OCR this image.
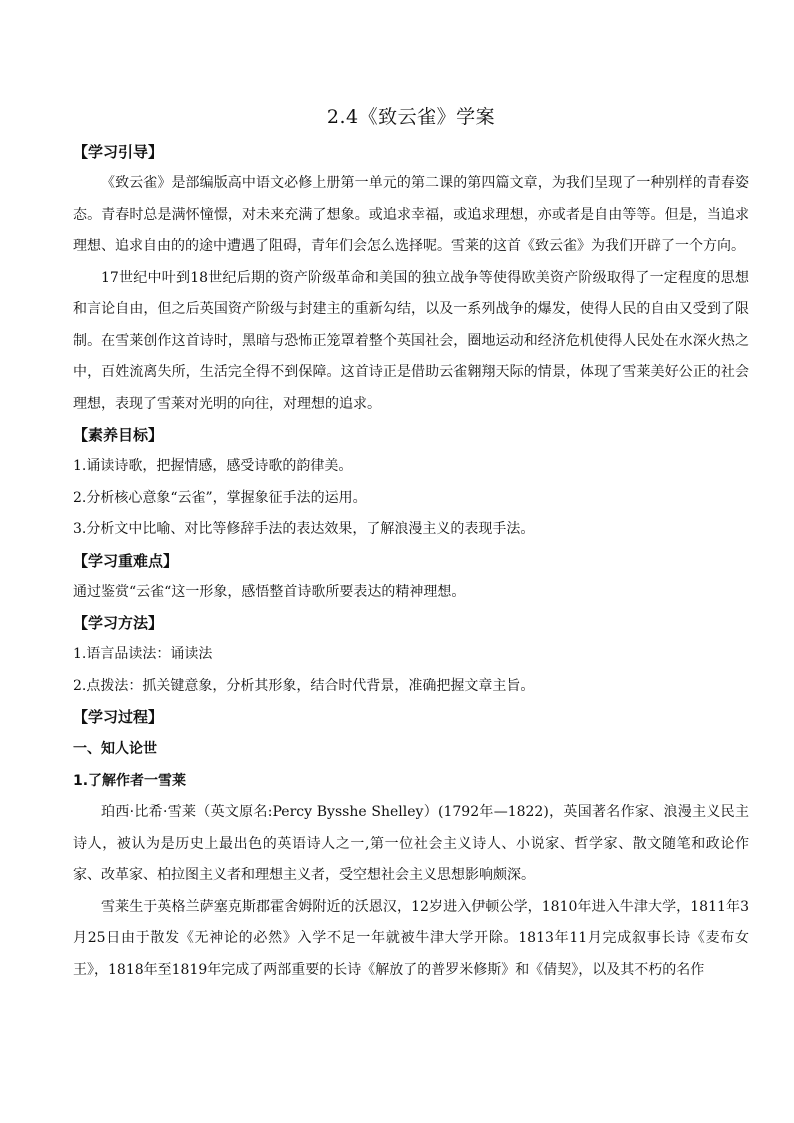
2.4《致云雀》学案

【学习引导】

《致云雀》是部编版高中语文必修上册第一单元的第二课的第四篇文章，为我们呈现了一种别样的青春姿态。青春时总是满怀憧憬，对未来充满了想象。或追求幸福，或追求理想，亦或者是自由等等。但是，当追求理想、追求自由的的途中遭遇了阻碍，青年们会怎么选择呢。雪莱的这首《致云雀》为我们开辟了一个方向。

17世纪中叶到18世纪后期的资产阶级革命和美国的独立战争等使得欧美资产阶级取得了一定程度的思想和言论自由，但之后英国资产阶级与封建主的重新勾结，以及一系列战争的爆发，使得人民的自由又受到了限制。在雪莱创作这首诗时，黑暗与恐怖正笼罩着整个英国社会，圈地运动和经济危机使得人民处在水深火热之中，百姓流离失所，生活完全得不到保障。这首诗正是借助云雀翱翔天际的情景，体现了雪莱美好公正的社会理想，表现了雪莱对光明的向往，对理想的追求。

【素养目标】

1.诵读诗歌，把握情感，感受诗歌的韵律美。

2.分析核心意象“云雀”，掌握象征手法的运用。

3.分析文中比喻、对比等修辞手法的表达效果，了解浪漫主义的表现手法。

【学习重难点】

通过鉴赏“云雀“这一形象，感悟整首诗歌所要表达的精神理想。

【学习方法】

1.语言品读法：诵读法

2.点拨法：抓关键意象，分析其形象，结合时代背景，准确把握文章主旨。

【学习过程】

一、知人论世

1.了解作者一雪莱

珀西·比希·雪莱（英文原名:Percy Bysshe Shelley）(1792年—1822)，英国著名作家、浪漫主义民主诗人，被认为是历史上最出色的英语诗人之一,第一位社会主义诗人、小说家、哲学家、散文随笔和政论作家、改革家、柏拉图主义者和理想主义者，受空想社会主义思想影响颇深。

雪莱生于英格兰萨塞克斯郡霍舍姆附近的沃恩汉，12岁进入伊顿公学，1810年进入牛津大学，1811年3月25日由于散发《无神论的必然》入学不足一年就被牛津大学开除。1813年11月完成叙事长诗《麦布女王》，1818年至1819年完成了两部重要的长诗《解放了的普罗米修斯》和《倩契》，以及其不朽的名作
